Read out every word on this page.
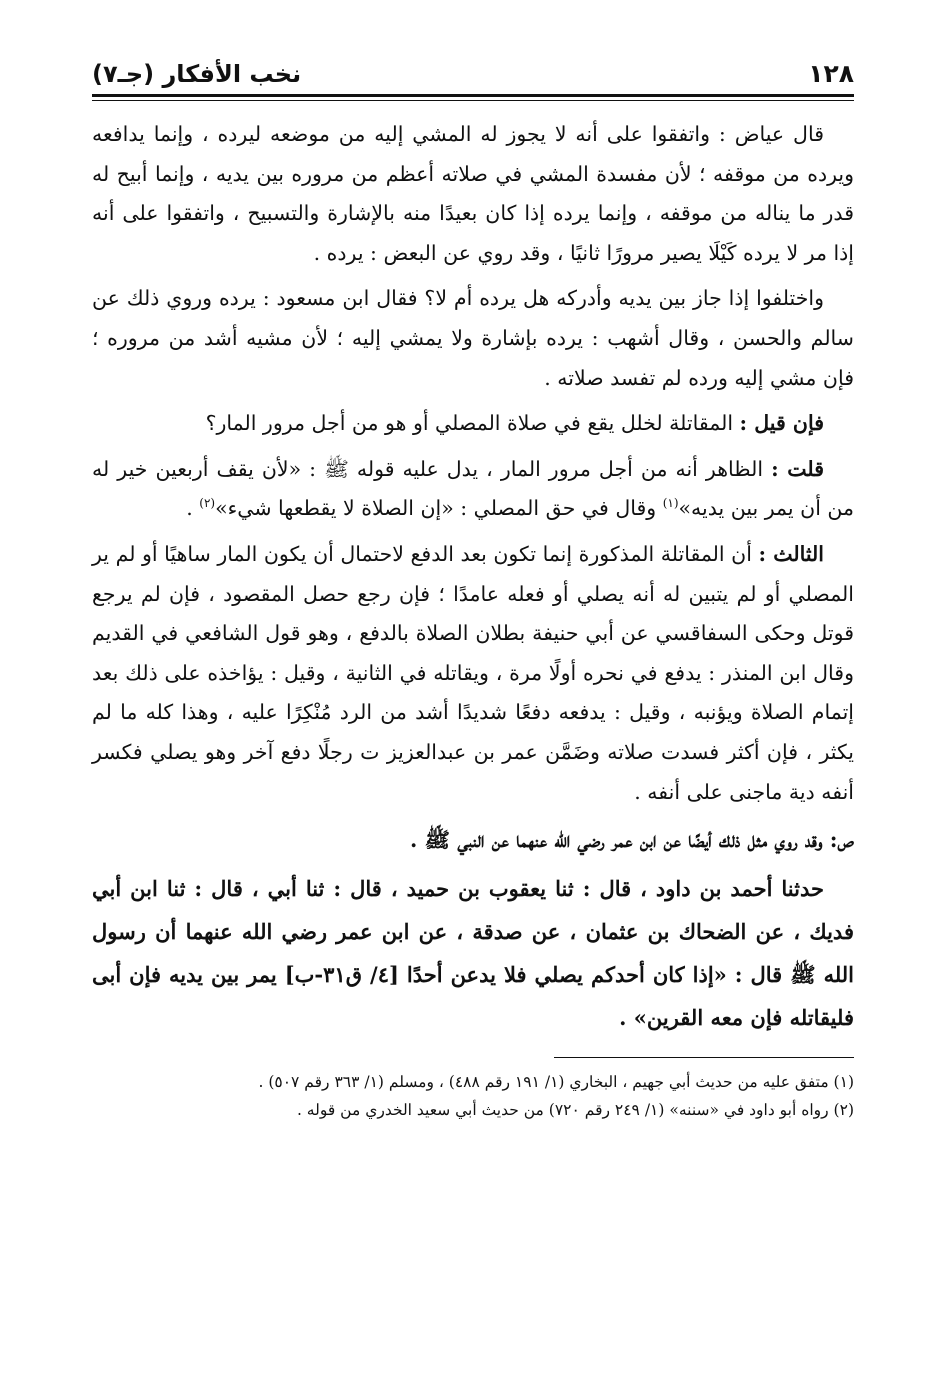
١٢٨
نخب الأفكار (جـ٧)

قال عياض : واتفقوا على أنه لا يجوز له المشي إليه من موضعه ليرده ، وإنما يدافعه ويرده من موقفه ؛ لأن مفسدة المشي في صلاته أعظم من مروره بين يديه ، وإنما أبيح له قدر ما يناله من موقفه ، وإنما يرده إذا كان بعيدًا منه بالإشارة والتسبيح ، واتفقوا على أنه إذا مر لا يرده كَيْلَا يصير مرورًا ثانيًا ، وقد روي عن البعض : يرده .

واختلفوا إذا جاز بين يديه وأدركه هل يرده أم لا؟ فقال ابن مسعود : يرده وروي ذلك عن سالم والحسن ، وقال أشهب : يرده بإشارة ولا يمشي إليه ؛ لأن مشيه أشد من مروره ؛ فإن مشي إليه ورده لم تفسد صلاته .

فإن قيل : المقاتلة لخلل يقع في صلاة المصلي أو هو من أجل مرور المار؟

قلت : الظاهر أنه من أجل مرور المار ، يدل عليه قوله ﷺ : «لأن يقف أربعين خير له من أن يمر بين يديه»$^{(١)}$ وقال في حق المصلي : «إن الصلاة لا يقطعها شيء»$^{(٢)}$ .

الثالث : أن المقاتلة المذكورة إنما تكون بعد الدفع لاحتمال أن يكون المار ساهيًا أو لم ير المصلي أو لم يتبين له أنه يصلي أو فعله عامدًا ؛ فإن رجع حصل المقصود ، فإن لم يرجع قوتل وحكى السفاقسي عن أبي حنيفة بطلان الصلاة بالدفع ، وهو قول الشافعي في القديم وقال ابن المنذر : يدفع في نحره أولًا مرة ، ويقاتله في الثانية ، وقيل : يؤاخذه على ذلك بعد إتمام الصلاة ويؤنبه ، وقيل : يدفعه دفعًا شديدًا أشد من الرد مُنْكِرًا عليه ، وهذا كله ما لم يكثر ، فإن أكثر فسدت صلاته وضَمَّن عمر بن عبدالعزيز ت رجلًا دفع آخر وهو يصلي فكسر أنفه دية ماجنى على أنفه .

ص: وقد روي مثل ذلك أيضًا عن ابن عمر رضي الله عنهما عن النبي ﷺ .

حدثنا أحمد بن داود ، قال : ثنا يعقوب بن حميد ، قال : ثنا أبي ، قال : ثنا ابن أبي فديك ، عن الضحاك بن عثمان ، عن صدقة ، عن ابن عمر رضي الله عنهما أن رسول الله ﷺ قال : «إذا كان أحدكم يصلي فلا يدعن أحدًا [٤/ ق٣١-ب] يمر بين يديه فإن أبى فليقاتله فإن معه القرين» .

(١) متفق عليه من حديث أبي جهيم ، البخاري (١/ ١٩١ رقم ٤٨٨) ، ومسلم (١/ ٣٦٣ رقم ٥٠٧) .

(٢) رواه أبو داود في «سننه» (١/ ٢٤٩ رقم ٧٢٠) من حديث أبي سعيد الخدري من قوله .
